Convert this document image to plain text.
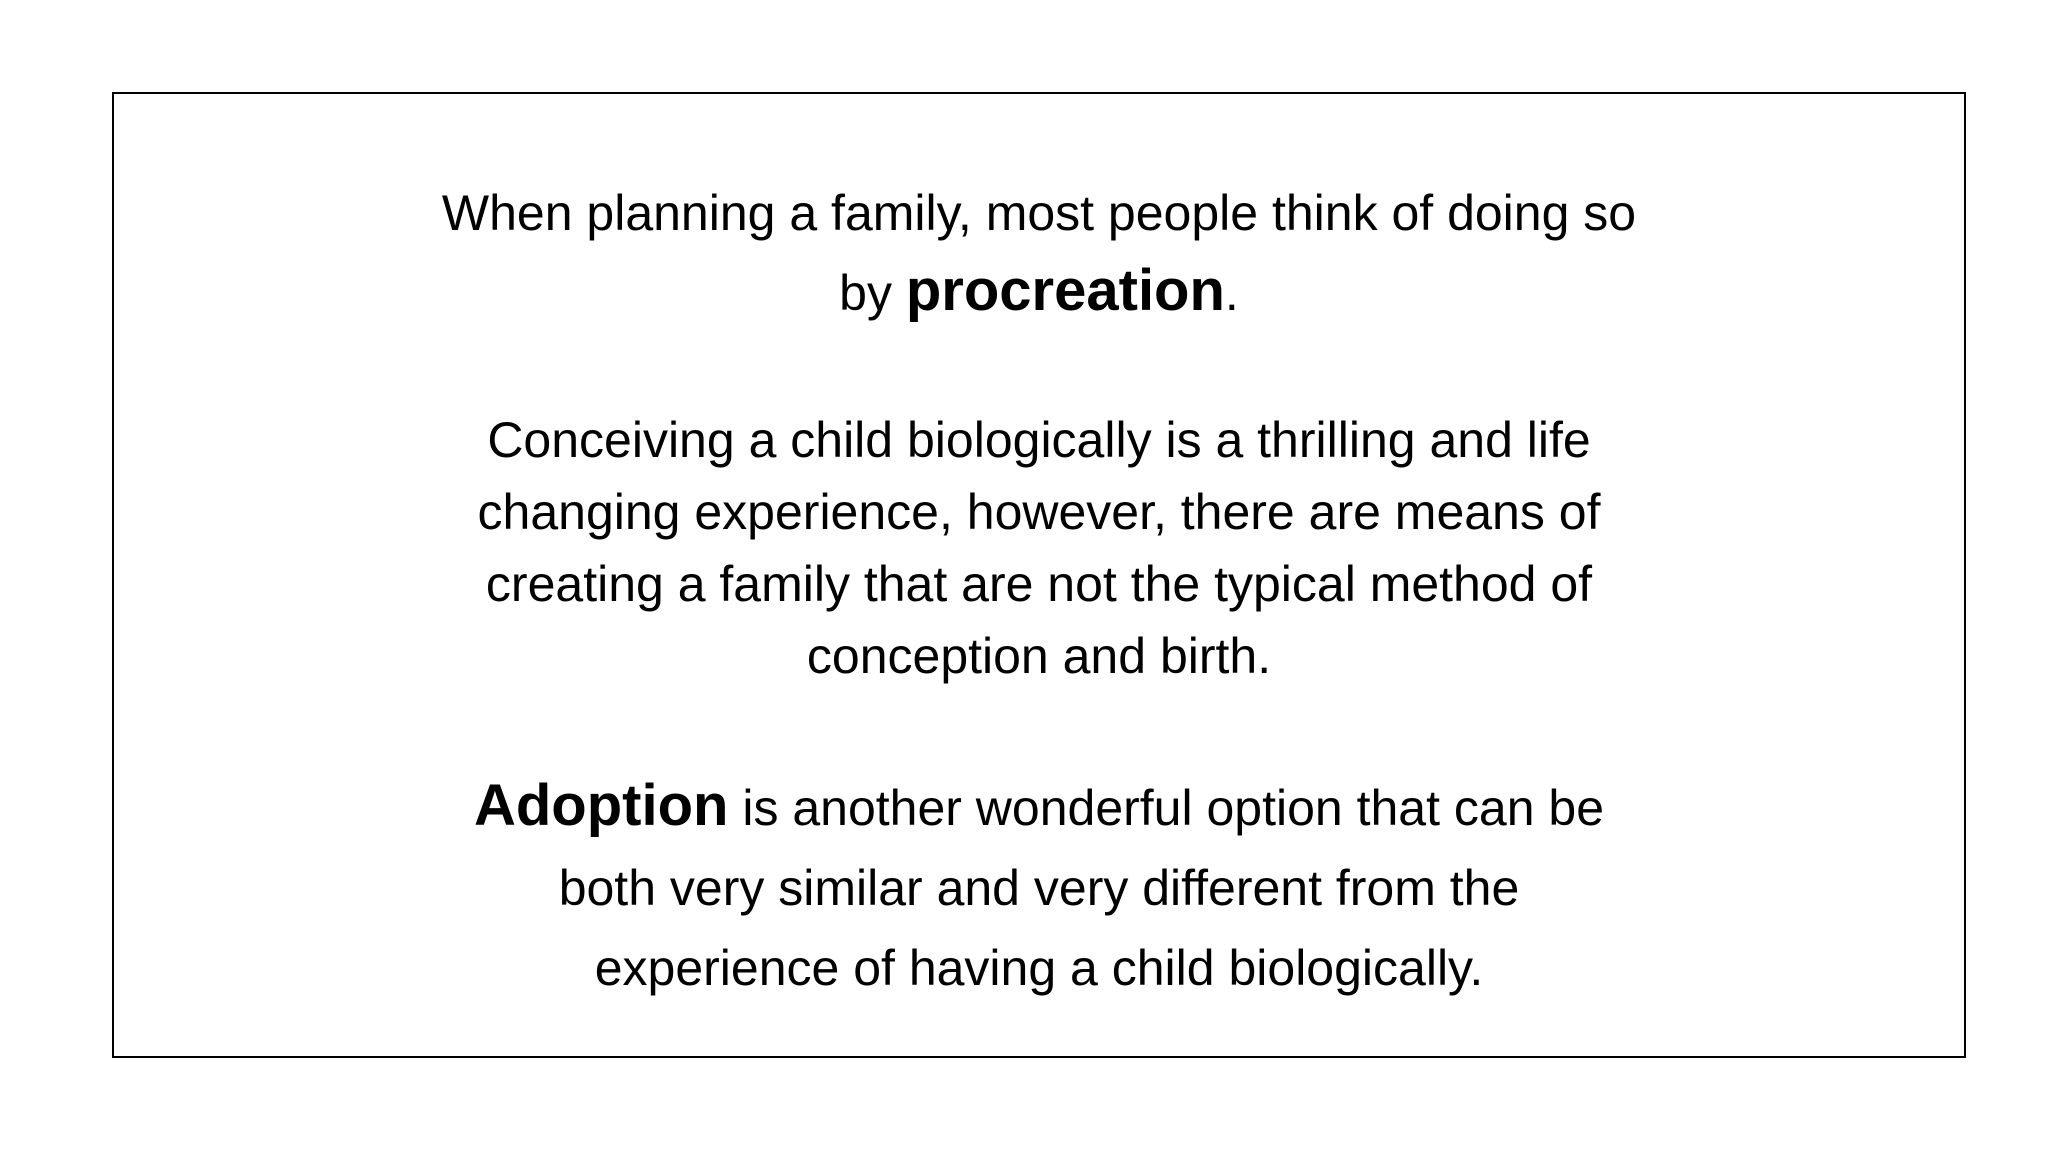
When planning a family, most people think of doing so
by procreation.

Conceiving a child biologically is a thrilling and life
changing experience, however, there are means of
creating a family that are not the typical method of
conception and birth.

Adoption is another wonderful option that can be
both very similar and very different from the
experience of having a child biologically.
